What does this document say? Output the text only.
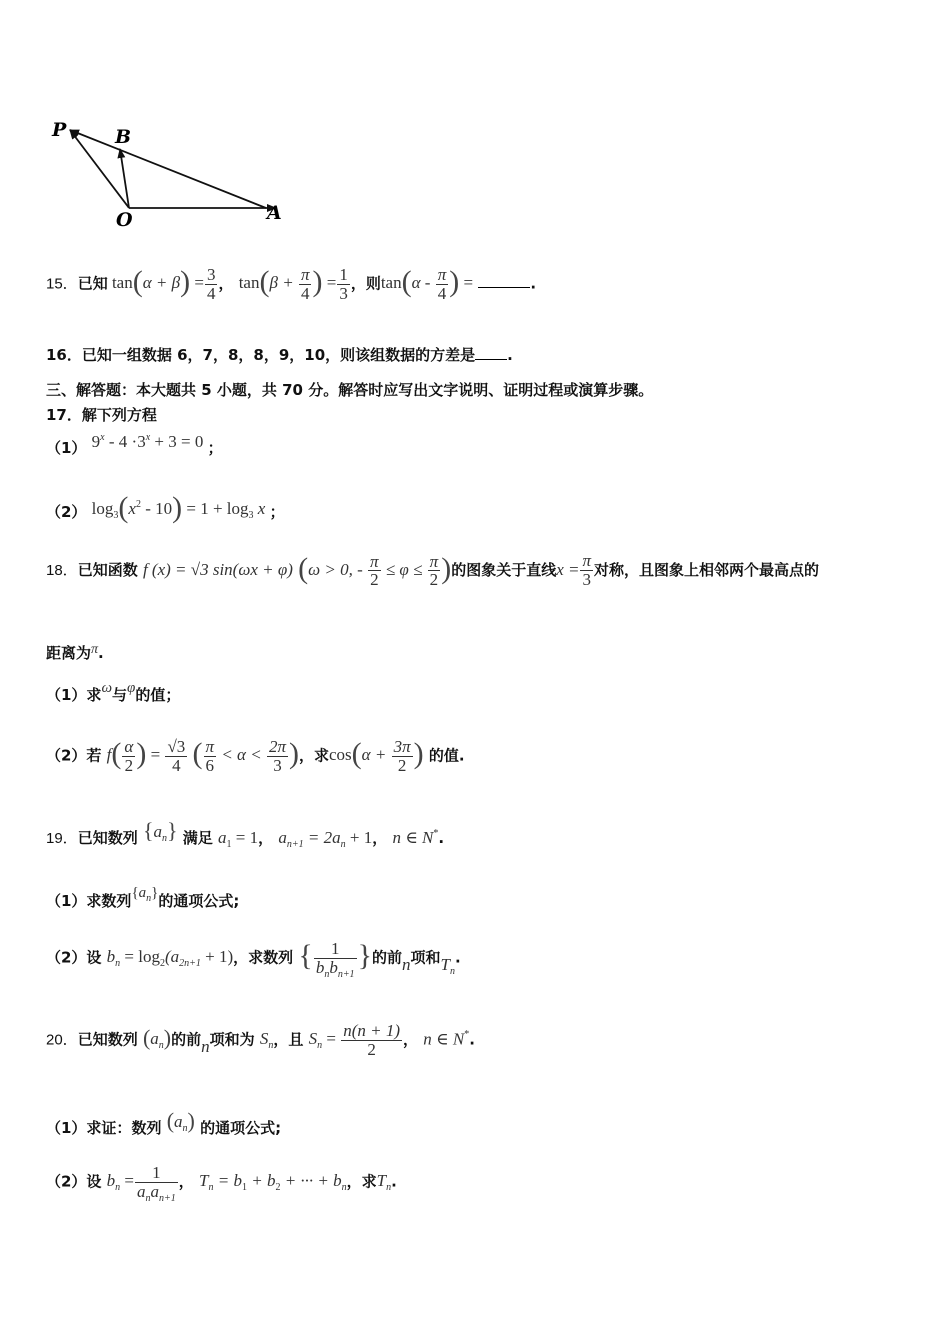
P	B
O	A
15．已知 $\tan(\alpha + \beta) = \frac{3}{4}$ ， $\tan(\beta + \frac{\pi}{4}$ ) = $\frac{1}{3}$ ，则$\tan(\alpha - \frac{\pi}{4}$ ) =	.
16．已知一组数据 6，7，8，8，9，10，则该组数据的方差是 .
三、解答题：本大题共 5 小题，共 70 分。解答时应写出文字说明、证明过程或演算步骤。
17．解下列方程
（1） $9^x - 4 \cdot 3^x + 3 = 0$ ；
（2） $\log_3(x^2 - 10) = 1 + \log_3 x$ ；
18．已知函数 f (x) = √3 sin(ωx + φ) (ω > 0, - $\frac{\pi}{2} \le \varphi \le \frac{\pi}{2}$ )的图象关于直线$x = \frac{\pi}{3}$ 对称，且图象上相邻两个最高点的
距离为π.
（1）求ω与φ的值；
（2）若 $f( \frac{\alpha}{2}$ ) = $\frac{√3}{4}$ ( $\frac{\pi}{6} < \alpha < \frac{2\pi}{3}$ )，求$\cos(\alpha + \frac{3\pi}{2}$ ) 的值.
19．已知数列 $\{a_n\}$ 满足 $a_1 = 1$， $a_{n+1} = 2a_n + 1$， n ∈ N*.
（1）求数列$\{a_n\}$的通项公式;
（2）设 $b_n = \log_2(a_{2n+1} + 1)$，求数列 { $\frac{1}{b_nb_{n+1}}$ }的前n项和$T_n$.
20．已知数列 $(a_n)$的前n项和为 $S_n$，且 $S_n = \frac{n(n + 1)}{2}$ ， n ∈ N*.
（1）求证：数列 $(a_n)$ 的通项公式;
（2）设 $b_n = \frac{1}{a_na_{n+1}}$ ， $T_n = b_1 + b_2$ + ··· + $b_n$，求$T_n$.
